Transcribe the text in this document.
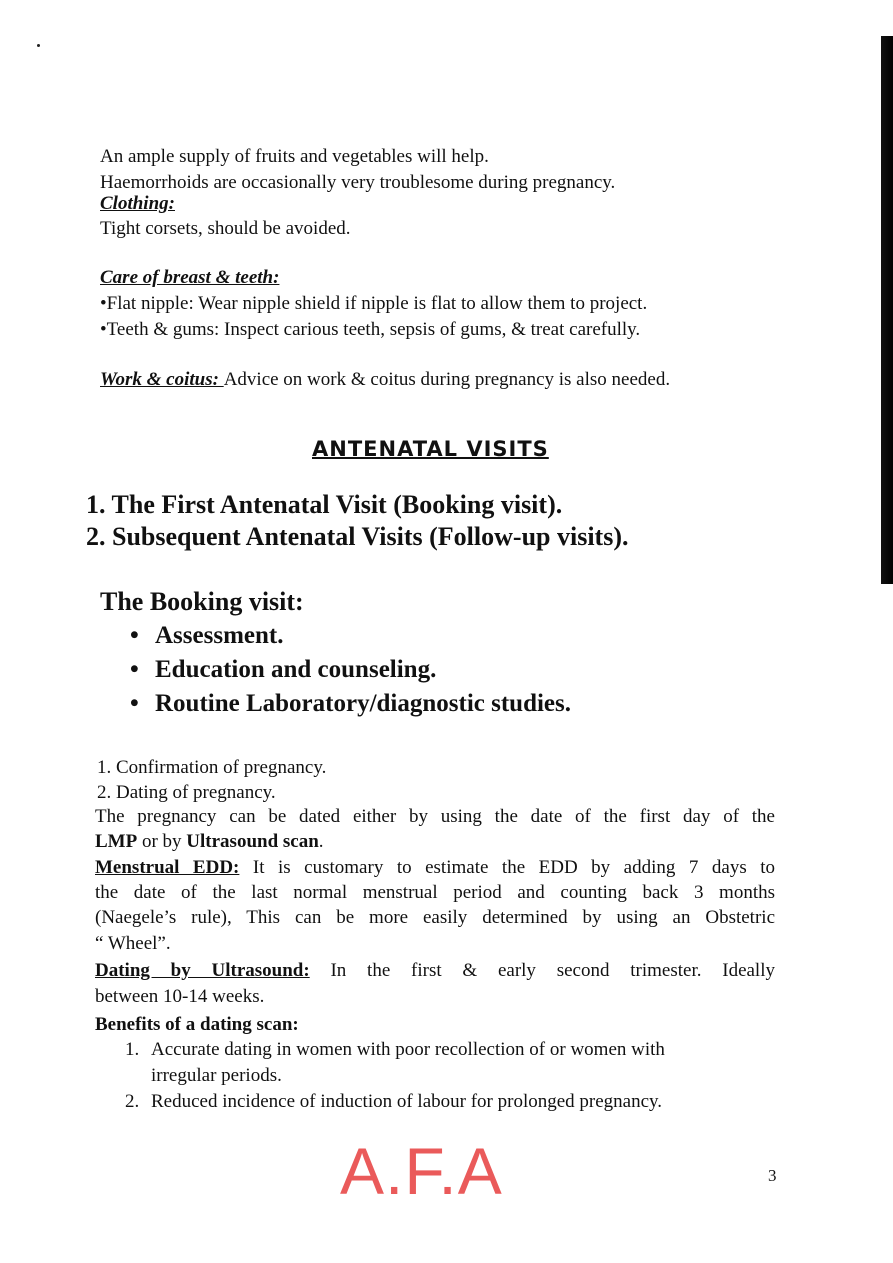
An ample supply of fruits and vegetables will help.
Haemorrhoids are occasionally very troublesome during pregnancy.
Clothing:
Tight corsets, should be avoided.
Care of breast & teeth:
•Flat nipple: Wear nipple shield if nipple is flat to allow them to project.
•Teeth & gums: Inspect carious teeth, sepsis of gums, & treat carefully.
Work & coitus: Advice on work & coitus during pregnancy is also needed.
ANTENATAL VISITS
1. The First Antenatal Visit (Booking visit).
2. Subsequent Antenatal Visits (Follow-up visits).
The Booking visit:
• Assessment.
• Education and counseling.
• Routine Laboratory/diagnostic studies.
1. Confirmation of pregnancy.
2. Dating of pregnancy.
The pregnancy can be dated either by using the date of the first day of the
LMP or by Ultrasound scan.
Menstrual EDD: It is customary to estimate the EDD by adding 7 days to
the date of the last normal menstrual period and counting back 3 months
(Naegele’s rule), This can be more easily determined by using an Obstetric
“ Wheel”.
Dating by Ultrasound: In the first & early second trimester. Ideally
between 10-14 weeks.
Benefits of a dating scan:
1. Accurate dating in women with poor recollection of or women with
irregular periods.
2. Reduced incidence of induction of labour for prolonged pregnancy.
A.F.A	3
